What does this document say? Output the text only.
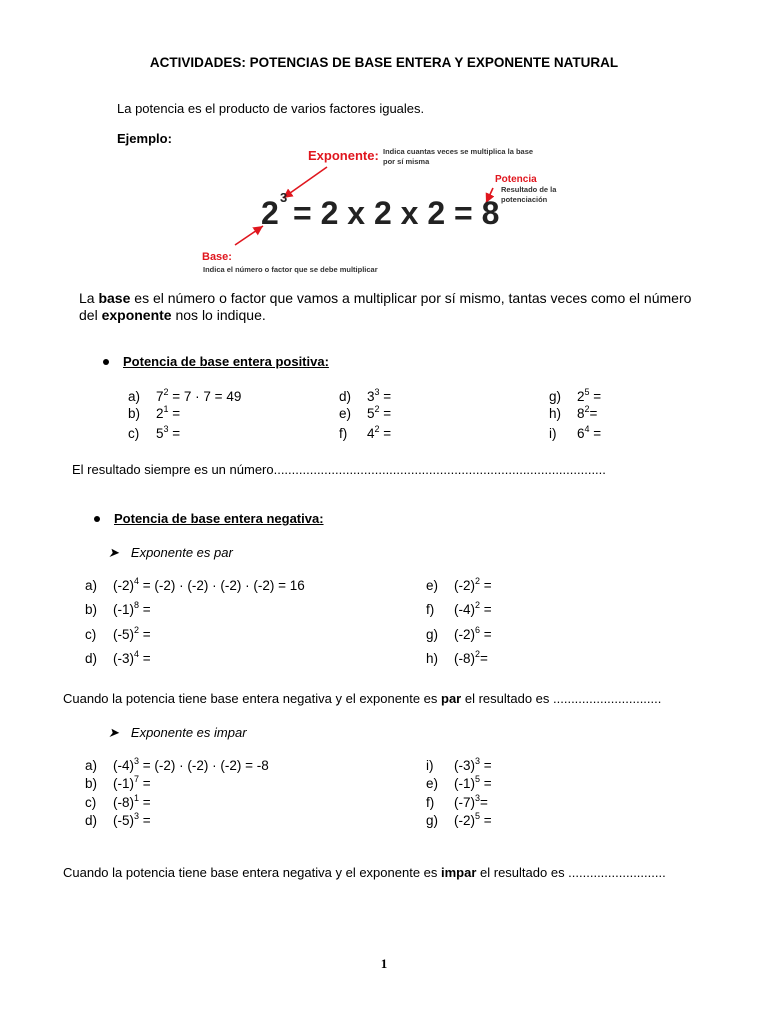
ACTIVIDADES: POTENCIAS DE BASE ENTERA Y EXPONENTE NATURAL
La potencia es el producto de varios factores iguales.
Ejemplo:
Exponente: Indica cuantas veces se multiplica la base
por sí misma
Potencia
Resultado de la
potenciación
2 3 = 2 x 2 x 2 = 8
Base:
Indica el número o factor que se debe multiplicar
La base es el número o factor que vamos a multiplicar por sí mismo, tantas veces como el número
del exponente nos lo indique.
Potencia de base entera positiva:
a) $7^2 = 7 \cdot 7 = 49$
b) $2^1$ =
c) $5^3$ =
d) $3^3$ =
e) $5^2$ =
f) $4^2$ =
g) $2^5$ =
h) $8^2=$
i) $6^4$ =
El resultado siempre es un número............................................................................................
Potencia de base entera negativa:
➤ Exponente es par
a) $(-2)^4 = (-2) \cdot (-2) \cdot (-2) \cdot (-2) = 16$
b) $(-1)^8$ =
c) $(-5)^2$ =
d) $(-3)^4$ =
e) $(-2)^2$ =
f) $(-4)^2$ =
g) $(-2)^6$ =
h) $(-8)^2=$
Cuando la potencia tiene base entera negativa y el exponente es par el resultado es ..............................
➤ Exponente es impar
a) $(-4)^3 = (-2) \cdot (-2) \cdot (-2) = -8$
b) $(-1)^7$ =
c) $(-8)^1$ =
d) $(-5)^3$ =
i) $(-3)^3$ =
e) $(-1)^5$ =
f) $(-7)^3=$
g) $(-2)^5$ =
Cuando la potencia tiene base entera negativa y el exponente es impar el resultado es ...........................
1
